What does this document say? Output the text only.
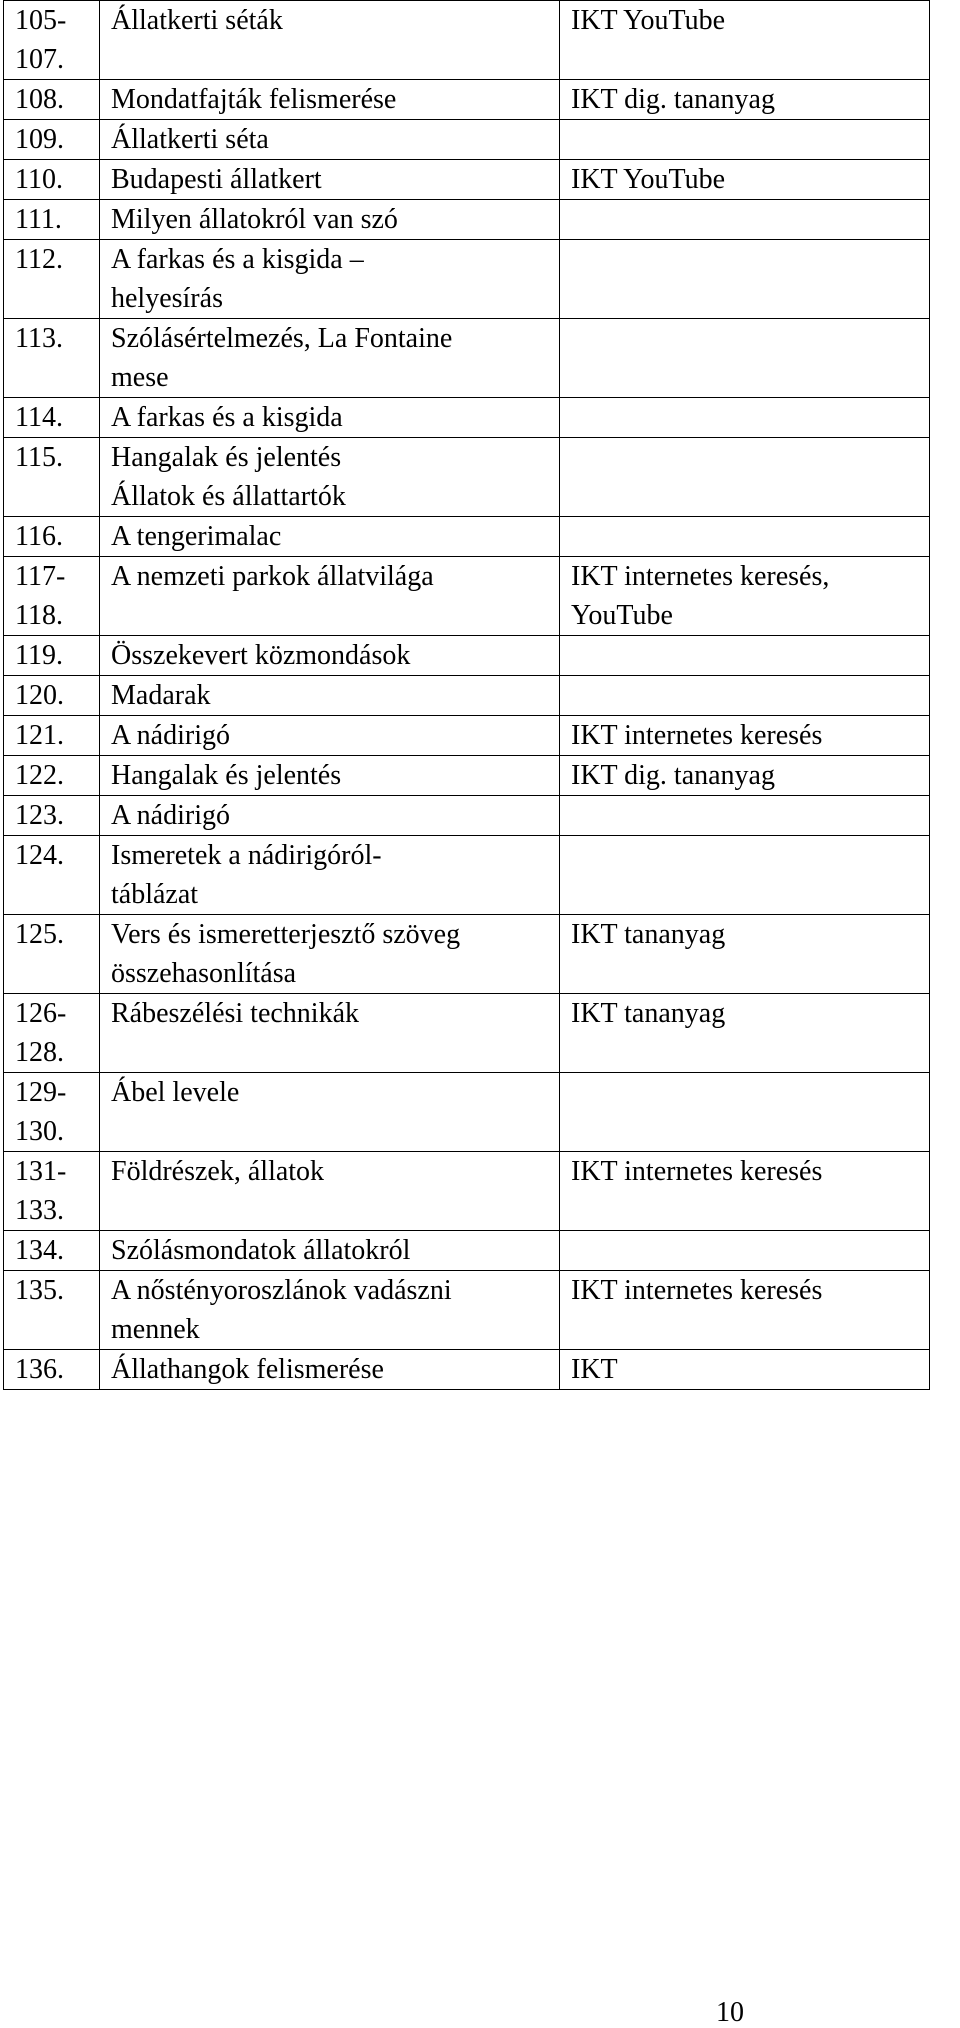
105-
107.	Állatkerti séták	IKT YouTube

108.	Mondatfajták felismerése	IKT dig. tananyag

109.	Állatkerti séta	

110.	Budapesti állatkert	IKT YouTube

111.	Milyen állatokról van szó	

112.	A farkas és a kisgida –
helyesírás	

113.	Szólásértelmezés, La Fontaine
mese	

114.	A farkas és a kisgida	

115.	Hangalak és jelentés
Állatok és állattartók	

116.	A tengerimalac	

117-
118.	A nemzeti parkok állatvilága	IKT internetes keresés,
YouTube

119.	Összekevert közmondások	

120.	Madarak	

121.	A nádirigó	IKT internetes keresés

122.	Hangalak és jelentés	IKT dig. tananyag

123.	A nádirigó	

124.	Ismeretek a nádirigóról-
táblázat	

125.	Vers és ismeretterjesztő szöveg
összehasonlítása	IKT tananyag

126-
128.	Rábeszélési technikák	IKT tananyag

129-
130.	Ábel levele	

131-
133.	Földrészek, állatok	IKT internetes keresés

134.	Szólásmondatok állatokról	

135.	A nőstényoroszlánok vadászni
mennek	IKT internetes keresés

136.	Állathangok felismerése	IKT
10
